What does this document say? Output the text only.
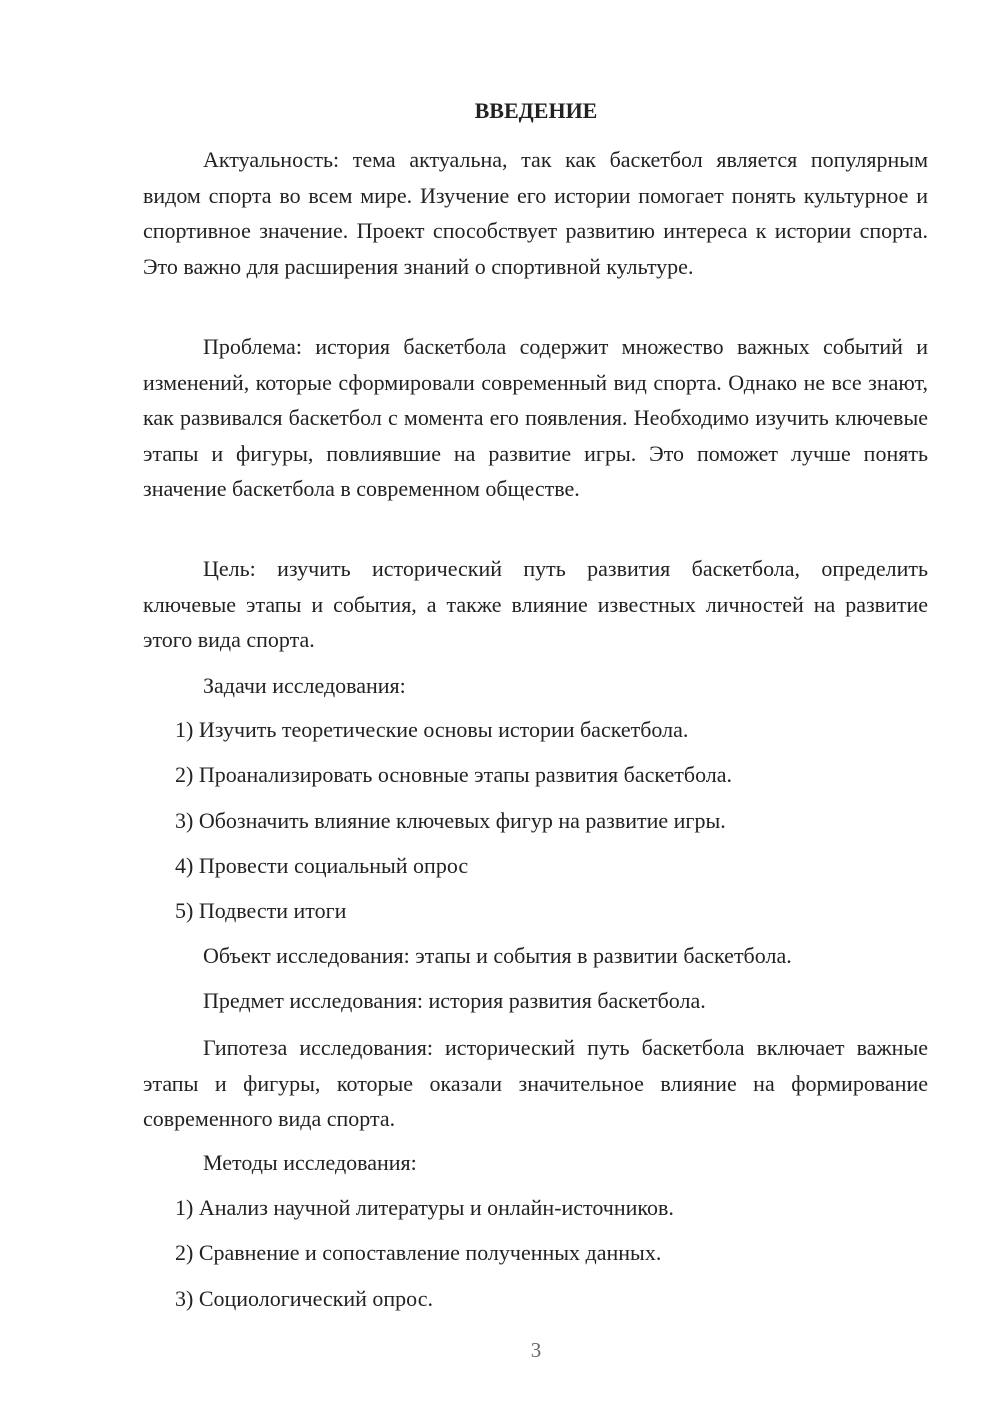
ВВЕДЕНИЕ

Актуальность: тема актуальна, так как баскетбол является популярным видом спорта во всем мире. Изучение его истории помогает понять культурное и спортивное значение. Проект способствует развитию интереса к истории спорта. Это важно для расширения знаний о спортивной культуре.

Проблема: история баскетбола содержит множество важных событий и изменений, которые сформировали современный вид спорта. Однако не все знают, как развивался баскетбол с момента его появления. Необходимо изучить ключевые этапы и фигуры, повлиявшие на развитие игры. Это поможет лучше понять значение баскетбола в современном обществе.

Цель: изучить исторический путь развития баскетбола, определить ключевые этапы и события, а также влияние известных личностей на развитие этого вида спорта.

Задачи исследования:
1) Изучить теоретические основы истории баскетбола.
2) Проанализировать основные этапы развития баскетбола.
3) Обозначить влияние ключевых фигур на развитие игры.
4) Провести социальный опрос
5) Подвести итоги
Объект исследования: этапы и события в развитии баскетбола.
Предмет исследования: история развития баскетбола.

Гипотеза исследования: исторический путь баскетбола включает важные этапы и фигуры, которые оказали значительное влияние на формирование современного вида спорта.

Методы исследования:
1) Анализ научной литературы и онлайн-источников.
2) Сравнение и сопоставление полученных данных.
3) Социологический опрос.
3
